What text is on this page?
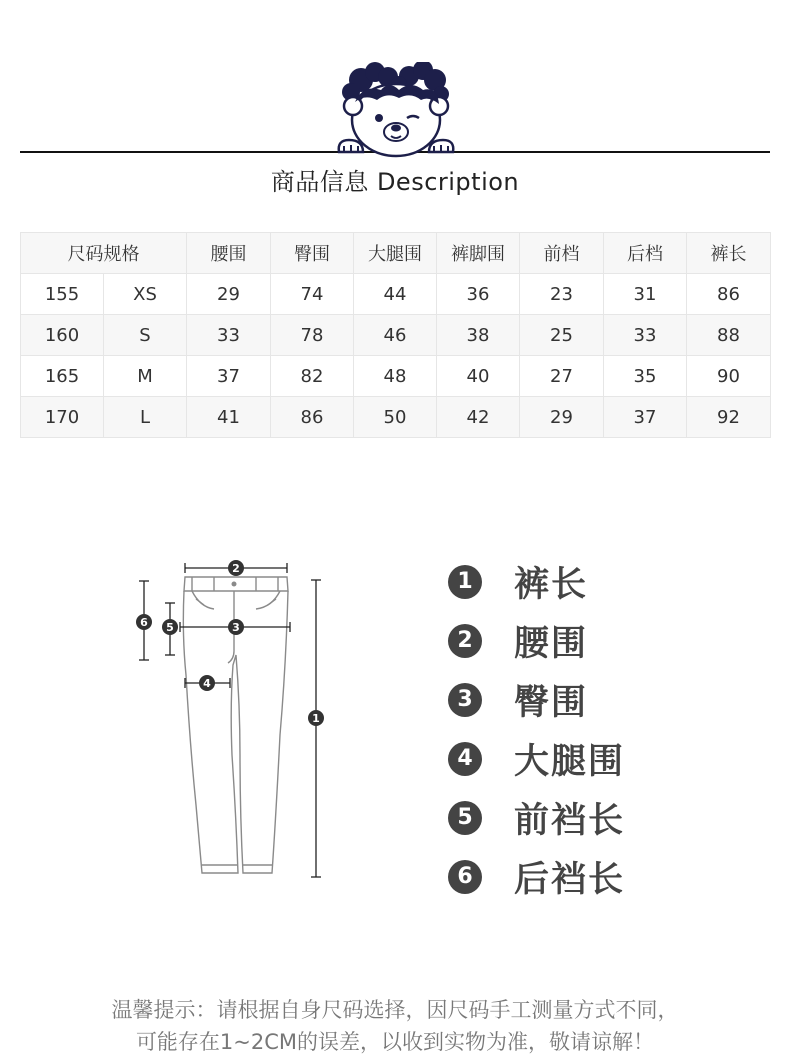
商品信息 Description
尺码规格		腰围	臀围	大腿围	裤脚围	前档	后档	裤长
155	XS	29	74	44	36	23	31	86
160	S	33	78	46	38	25	33	88
165	M	37	82	48	40	27	35	90
170	L	41	86	50	42	29	37	92
2
3
4
1
6 5
1 裤长
2 腰围
3 臀围
4 大腿围
5 前裆长
6 后裆长
温馨提示：请根据自身尺码选择，因尺码手工测量方式不同，
可能存在1~2CM的误差，以收到实物为准，敬请谅解！
